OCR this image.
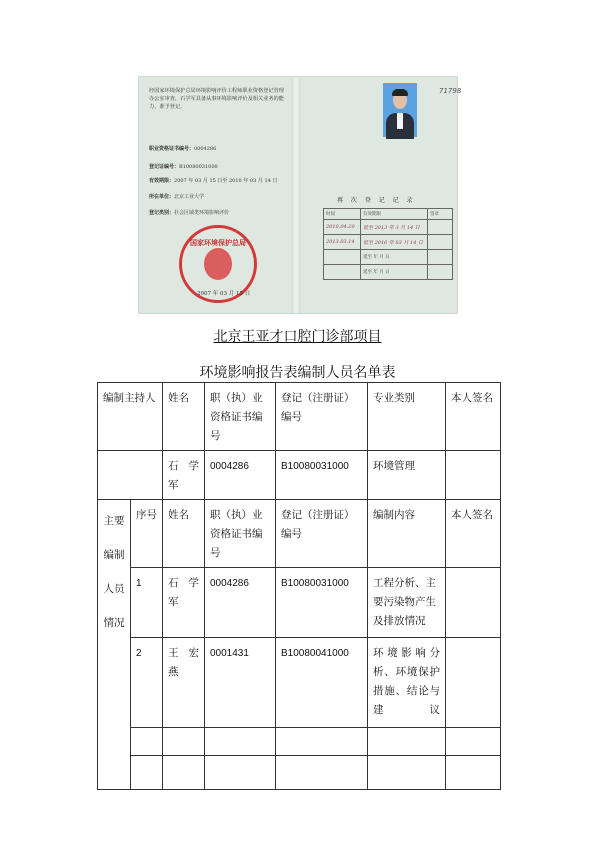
经国家环境保护总局环境影响评价工程师职业资格登记管理办公室审查，石学军具备从事环境影响评价及相关业务的能力，准予登记。
职业资格证书编号：0004286
登记证编号：B10080031000
有效期限：2007 年 03 月 15 日至 2010 年 03 月 14 日
所在单位：北京工业大学
登记类别：社会区域类环境影响评价
国家环境保护总局
2007 年 03 月 15 日
71798
再 次 登 记 记 录
时间	有效期限	签章
2010.04.20	延至 2013 年 3 月 14 日	
2013.03.14	延至 2016 年 03 月 14 日	
	延至 年 月 日	
	延至 年 月 日	
北京王亚才口腔门诊部项目
环境影响报告表编制人员名单表
编制主持人		姓名	职（执）业资格证书编号	登记（注册证）编号	专业类别	本人签名
		石学军	0004286	B10080031000	环境管理	
主要编制人员情况	序号	姓名	职（执）业资格证书编号	登记（注册证）编号	编制内容	本人签名
	1	石学军	0004286	B10080031000	工程分析、主要污染物产生及排放情况	
	2	王宏燕	0001431	B10080041000	环境影响分析、环境保护措施、结论与建议	
